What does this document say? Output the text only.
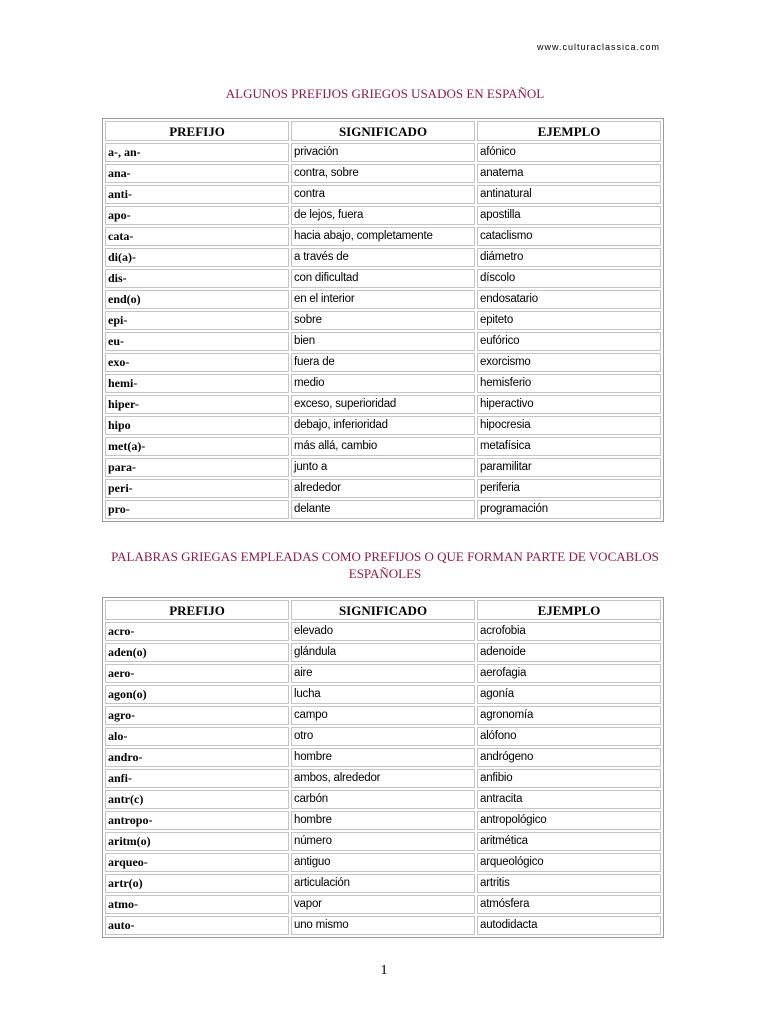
www.culturaclassica.com
ALGUNOS PREFIJOS GRIEGOS USADOS EN ESPAÑOL
PREFIJO	SIGNIFICADO	EJEMPLO
a-, an-	privación	afónico
ana-	contra, sobre	anatema
anti-	contra	antinatural
apo-	de lejos, fuera	apostilla
cata-	hacia abajo, completamente	cataclismo
di(a)-	a través de	diámetro
dis-	con dificultad	díscolo
end(o)	en el interior	endosatario
epi-	sobre	epiteto
eu-	bien	eufórico
exo-	fuera de	exorcismo
hemi-	medio	hemisferio
hiper-	exceso, superioridad	hiperactivo
hipo	debajo, inferioridad	hipocresia
met(a)-	más allá, cambio	metafísica
para-	junto a	paramilitar
peri-	alrededor	periferia
pro-	delante	programación
PALABRAS GRIEGAS EMPLEADAS COMO PREFIJOS O QUE FORMAN PARTE DE VOCABLOS ESPAÑOLES
PREFIJO	SIGNIFICADO	EJEMPLO
acro-	elevado	acrofobia
aden(o)	glándula	adenoide
aero-	aire	aerofagia
agon(o)	lucha	agonía
agro-	campo	agronomía
alo-	otro	alófono
andro-	hombre	andrógeno
anfi-	ambos, alrededor	anfibio
antr(c)	carbón	antracita
antropo-	hombre	antropológico
aritm(o)	número	aritmética
arqueo-	antiguo	arqueológico
artr(o)	articulación	artritis
atmo-	vapor	atmósfera
auto-	uno mismo	autodidacta
1
